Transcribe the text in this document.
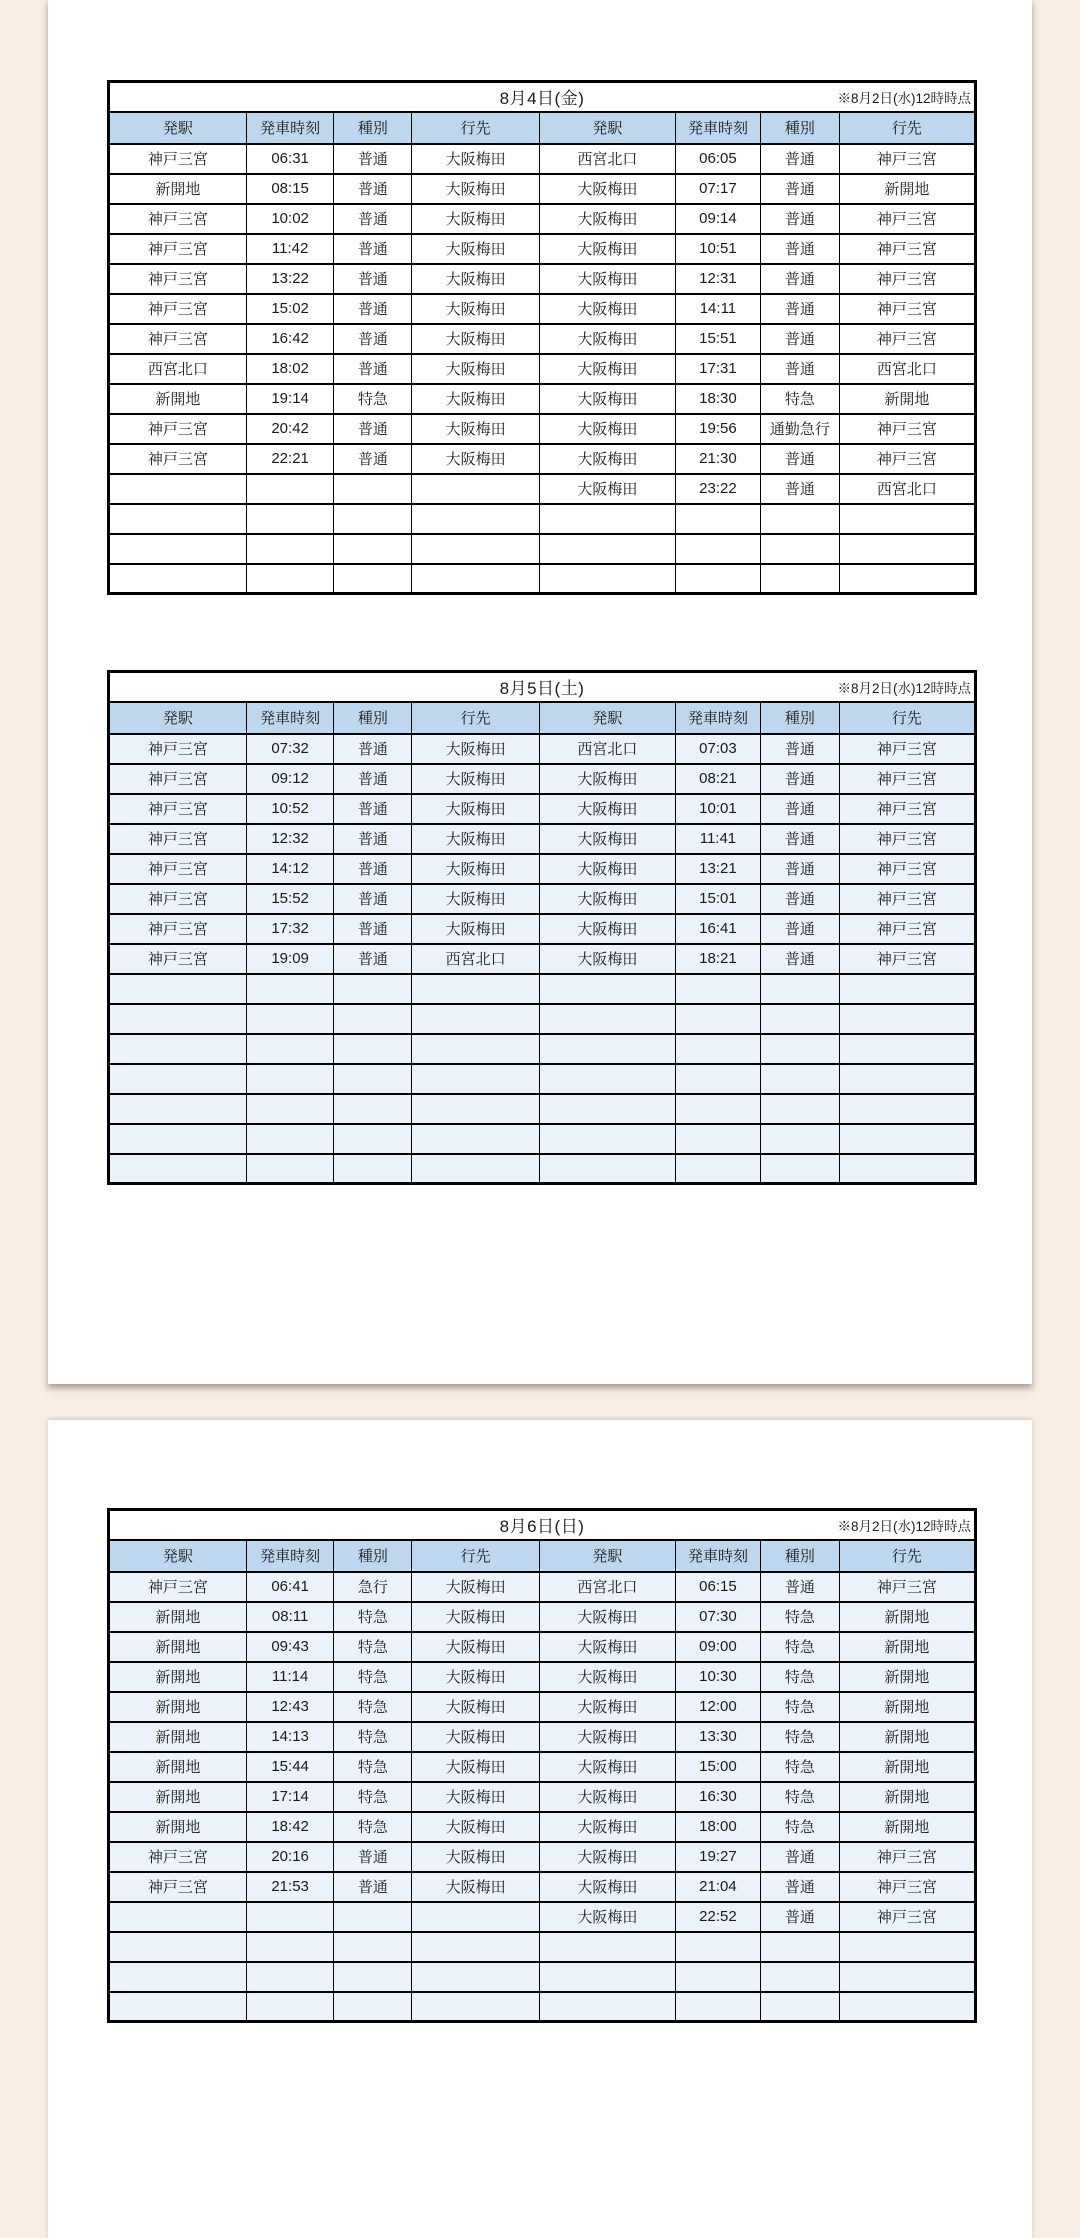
8月4日(金) ※8月2日(水)12時時点							

発駅	発車時刻	種別	行先	発駅	発車時刻	種別	行先
神戸三宮	06:31	普通	大阪梅田	西宮北口	06:05	普通	神戸三宮
新開地	08:15	普通	大阪梅田	大阪梅田	07:17	普通	新開地
神戸三宮	10:02	普通	大阪梅田	大阪梅田	09:14	普通	神戸三宮
神戸三宮	11:42	普通	大阪梅田	大阪梅田	10:51	普通	神戸三宮
神戸三宮	13:22	普通	大阪梅田	大阪梅田	12:31	普通	神戸三宮
神戸三宮	15:02	普通	大阪梅田	大阪梅田	14:11	普通	神戸三宮
神戸三宮	16:42	普通	大阪梅田	大阪梅田	15:51	普通	神戸三宮
西宮北口	18:02	普通	大阪梅田	大阪梅田	17:31	普通	西宮北口
新開地	19:14	特急	大阪梅田	大阪梅田	18:30	特急	新開地
神戸三宮	20:42	普通	大阪梅田	大阪梅田	19:56	通勤急行	神戸三宮
神戸三宮	22:21	普通	大阪梅田	大阪梅田	21:30	普通	神戸三宮
				大阪梅田	23:22	普通	西宮北口

8月5日(土) ※8月2日(水)12時時点							

発駅	発車時刻	種別	行先	発駅	発車時刻	種別	行先
神戸三宮	07:32	普通	大阪梅田	西宮北口	07:03	普通	神戸三宮
神戸三宮	09:12	普通	大阪梅田	大阪梅田	08:21	普通	神戸三宮
神戸三宮	10:52	普通	大阪梅田	大阪梅田	10:01	普通	神戸三宮
神戸三宮	12:32	普通	大阪梅田	大阪梅田	11:41	普通	神戸三宮
神戸三宮	14:12	普通	大阪梅田	大阪梅田	13:21	普通	神戸三宮
神戸三宮	15:52	普通	大阪梅田	大阪梅田	15:01	普通	神戸三宮
神戸三宮	17:32	普通	大阪梅田	大阪梅田	16:41	普通	神戸三宮
神戸三宮	19:09	普通	西宮北口	大阪梅田	18:21	普通	神戸三宮

8月6日(日) ※8月2日(水)12時時点							

発駅	発車時刻	種別	行先	発駅	発車時刻	種別	行先
神戸三宮	06:41	急行	大阪梅田	西宮北口	06:15	普通	神戸三宮
新開地	08:11	特急	大阪梅田	大阪梅田	07:30	特急	新開地
新開地	09:43	特急	大阪梅田	大阪梅田	09:00	特急	新開地
新開地	11:14	特急	大阪梅田	大阪梅田	10:30	特急	新開地
新開地	12:43	特急	大阪梅田	大阪梅田	12:00	特急	新開地
新開地	14:13	特急	大阪梅田	大阪梅田	13:30	特急	新開地
新開地	15:44	特急	大阪梅田	大阪梅田	15:00	特急	新開地
新開地	17:14	特急	大阪梅田	大阪梅田	16:30	特急	新開地
新開地	18:42	特急	大阪梅田	大阪梅田	18:00	特急	新開地
神戸三宮	20:16	普通	大阪梅田	大阪梅田	19:27	普通	神戸三宮
神戸三宮	21:53	普通	大阪梅田	大阪梅田	21:04	普通	神戸三宮
				大阪梅田	22:52	普通	神戸三宮
